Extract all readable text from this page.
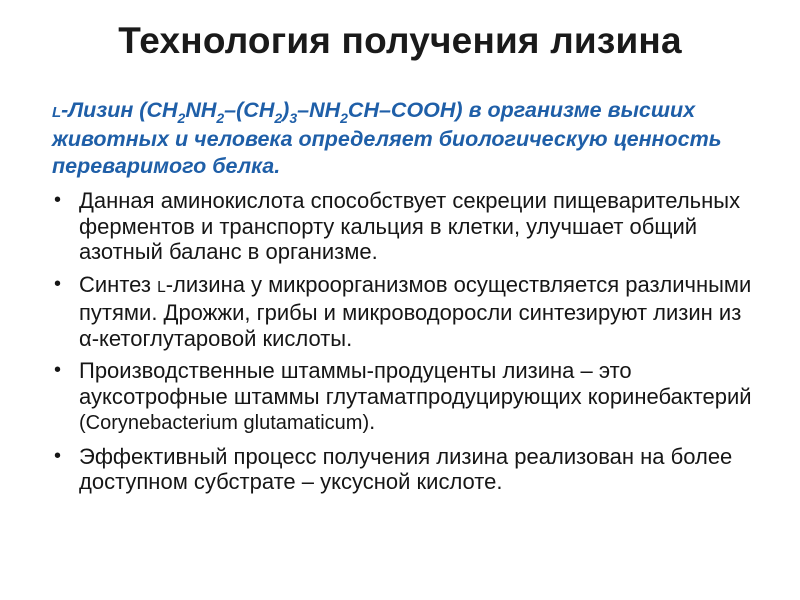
Технология получения лизина
L-Лизин $(CH_2NH_2-(CH_2)_3-NH_2CH-COOH)$ в организме высших животных и человека определяет биологическую ценность переваримого белка.
• Данная аминокислота способствует секреции пищеварительных ферментов и транспорту кальция в клетки, улучшает общий азотный баланс в организме.
• Синтез L-лизина у микроорганизмов осуществляется различными путями. Дрожжи, грибы и микроводоросли синтезируют лизин из α-кетоглутаровой кислоты.
• Производственные штаммы-продуценты лизина – это ауксотрофные штаммы глутаматпродуцирующих коринебактерий (Corynebacterium glutamaticum).
• Эффективный процесс получения лизина реализован на более доступном субстрате – уксусной кислоте.
